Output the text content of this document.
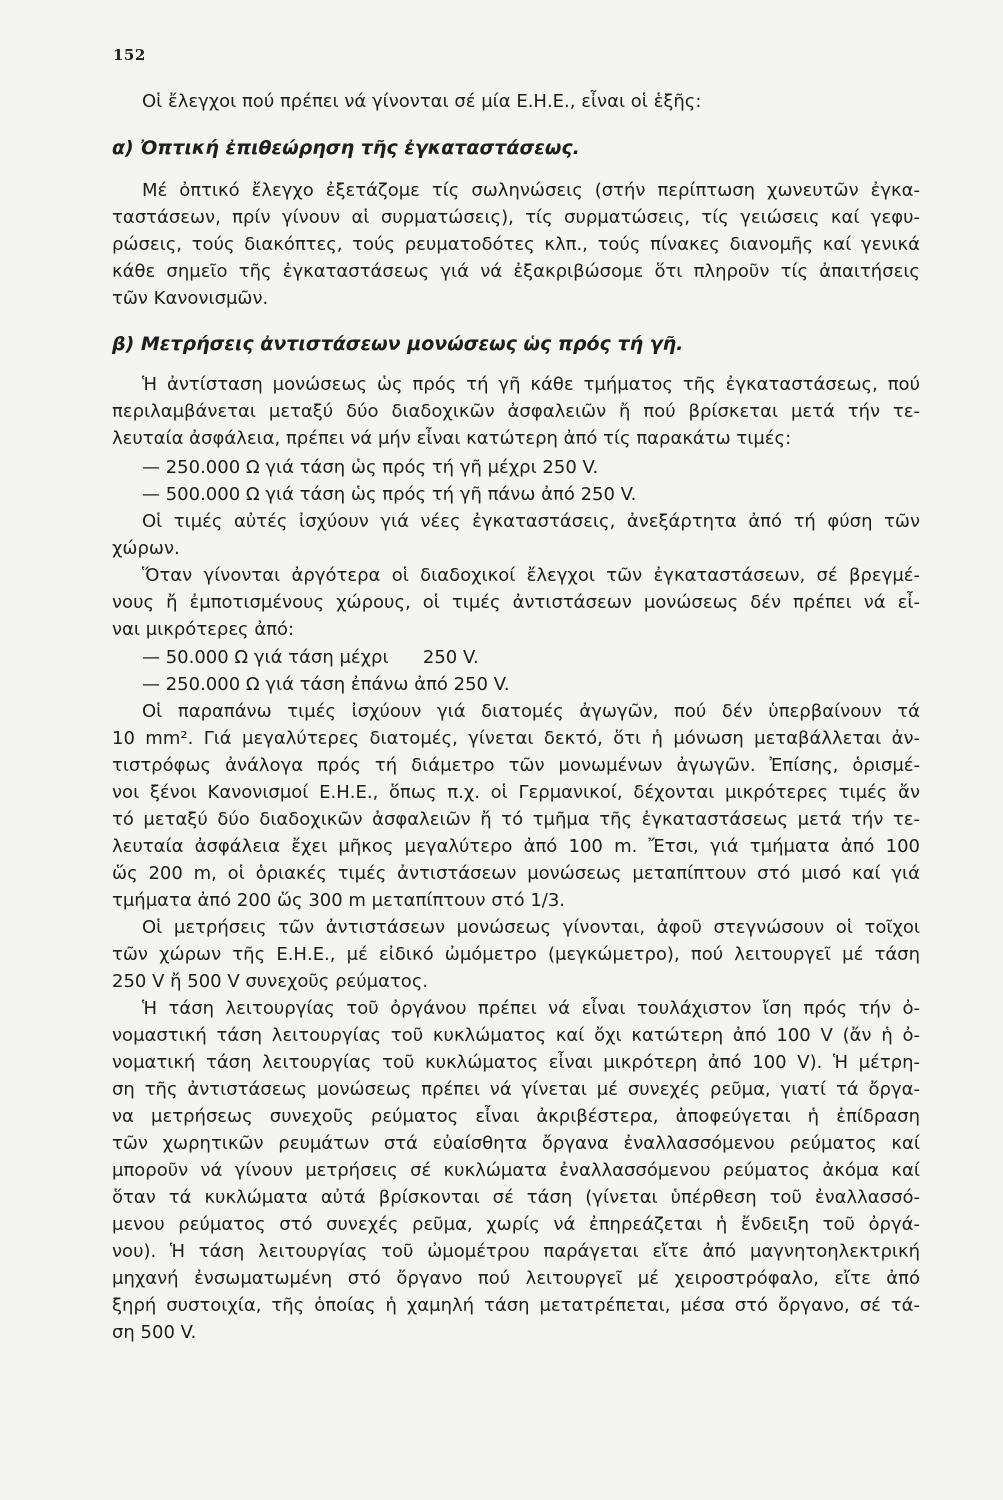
152
Οἱ ἔλεγχοι πού πρέπει νά γίνονται σέ μία Ε.Η.Ε., εἶναι οἱ ἑξῆς:
α) Ὀπτική ἐπιθεώρηση τῆς ἐγκαταστάσεως.
Μέ ὀπτικό ἔλεγχο ἐξετάζομε τίς σωληνώσεις (στήν περίπτωση χωνευτῶν ἐγκα-
ταστάσεων, πρίν γίνουν αἱ συρματώσεις), τίς συρματώσεις, τίς γειώσεις καί γεφυ-
ρώσεις, τούς διακόπτες, τούς ρευματοδότες κλπ., τούς πίνακες διανομῆς καί γενικά
κάθε σημεῖο τῆς ἐγκαταστάσεως γιά νά ἐξακριβώσομε ὅτι πληροῦν τίς ἀπαιτήσεις
τῶν Κανονισμῶν.
β) Μετρήσεις ἀντιστάσεων μονώσεως ὡς πρός τή γῆ.
Ἡ ἀντίσταση μονώσεως ὡς πρός τή γῆ κάθε τμήματος τῆς ἐγκαταστάσεως, πού
περιλαμβάνεται μεταξύ δύο διαδοχικῶν ἀσφαλειῶν ἤ πού βρίσκεται μετά τήν τε-
λευταία ἀσφάλεια, πρέπει νά μήν εἶναι κατώτερη ἀπό τίς παρακάτω τιμές:
— 250.000 Ω γιά τάση ὡς πρός τή γῆ μέχρι 250 V.
— 500.000 Ω γιά τάση ὡς πρός τή γῆ πάνω ἀπό 250 V.
Οἱ τιμές αὐτές ἰσχύουν γιά νέες ἐγκαταστάσεις, ἀνεξάρτητα ἀπό τή φύση τῶν
χώρων.
Ὅταν γίνονται ἀργότερα οἱ διαδοχικοί ἔλεγχοι τῶν ἐγκαταστάσεων, σέ βρεγμέ-
νους ἤ ἐμποτισμένους χώρους, οἱ τιμές ἀντιστάσεων μονώσεως δέν πρέπει νά εἶ-
ναι μικρότερες ἀπό:
— 50.000 Ω γιά τάση μέχρι      250 V.
— 250.000 Ω γιά τάση ἐπάνω ἀπό 250 V.
Οἱ παραπάνω τιμές ἰσχύουν γιά διατομές ἀγωγῶν, πού δέν ὑπερβαίνουν τά
10 mm². Γιά μεγαλύτερες διατομές, γίνεται δεκτό, ὅτι ἡ μόνωση μεταβάλλεται ἀν-
τιστρόφως ἀνάλογα πρός τή διάμετρο τῶν μονωμένων ἀγωγῶν. Ἐπίσης, ὁρισμέ-
νοι ξένοι Κανονισμοί Ε.Η.Ε., ὅπως π.χ. οἱ Γερμανικοί, δέχονται μικρότερες τιμές ἄν
τό μεταξύ δύο διαδοχικῶν ἀσφαλειῶν ἤ τό τμῆμα τῆς ἐγκαταστάσεως μετά τήν τε-
λευταία ἀσφάλεια ἔχει μῆκος μεγαλύτερο ἀπό 100 m. Ἔτσι, γιά τμήματα ἀπό 100
ὥς 200 m, οἱ ὁριακές τιμές ἀντιστάσεων μονώσεως μεταπίπτουν στό μισό καί γιά
τμήματα ἀπό 200 ὥς 300 m μεταπίπτουν στό 1/3.
Οἱ μετρήσεις τῶν ἀντιστάσεων μονώσεως γίνονται, ἀφοῦ στεγνώσουν οἱ τοῖχοι
τῶν χώρων τῆς Ε.Η.Ε., μέ εἰδικό ὠμόμετρο (μεγκώμετρο), πού λειτουργεῖ μέ τάση
250 V ἤ 500 V συνεχοῦς ρεύματος.
Ἡ τάση λειτουργίας τοῦ ὀργάνου πρέπει νά εἶναι τουλάχιστον ἴση πρός τήν ὀ-
νομαστική τάση λειτουργίας τοῦ κυκλώματος καί ὄχι κατώτερη ἀπό 100 V (ἄν ἡ ὀ-
νοματική τάση λειτουργίας τοῦ κυκλώματος εἶναι μικρότερη ἀπό 100 V). Ἡ μέτρη-
ση τῆς ἀντιστάσεως μονώσεως πρέπει νά γίνεται μέ συνεχές ρεῦμα, γιατί τά ὄργα-
να μετρήσεως συνεχοῦς ρεύματος εἶναι ἀκριβέστερα, ἀποφεύγεται ἡ ἐπίδραση
τῶν χωρητικῶν ρευμάτων στά εὐαίσθητα ὄργανα ἐναλλασσόμενου ρεύματος καί
μποροῦν νά γίνουν μετρήσεις σέ κυκλώματα ἐναλλασσόμενου ρεύματος ἀκόμα καί
ὅταν τά κυκλώματα αὐτά βρίσκονται σέ τάση (γίνεται ὑπέρθεση τοῦ ἐναλλασσό-
μενου ρεύματος στό συνεχές ρεῦμα, χωρίς νά ἐπηρεάζεται ἡ ἔνδειξη τοῦ ὀργά-
νου). Ἡ τάση λειτουργίας τοῦ ὠμομέτρου παράγεται εἴτε ἀπό μαγνητοηλεκτρική
μηχανή ἐνσωματωμένη στό ὄργανο πού λειτουργεῖ μέ χειροστρόφαλο, εἴτε ἀπό
ξηρή συστοιχία, τῆς ὁποίας ἡ χαμηλή τάση μετατρέπεται, μέσα στό ὄργανο, σέ τά-
ση 500 V.
